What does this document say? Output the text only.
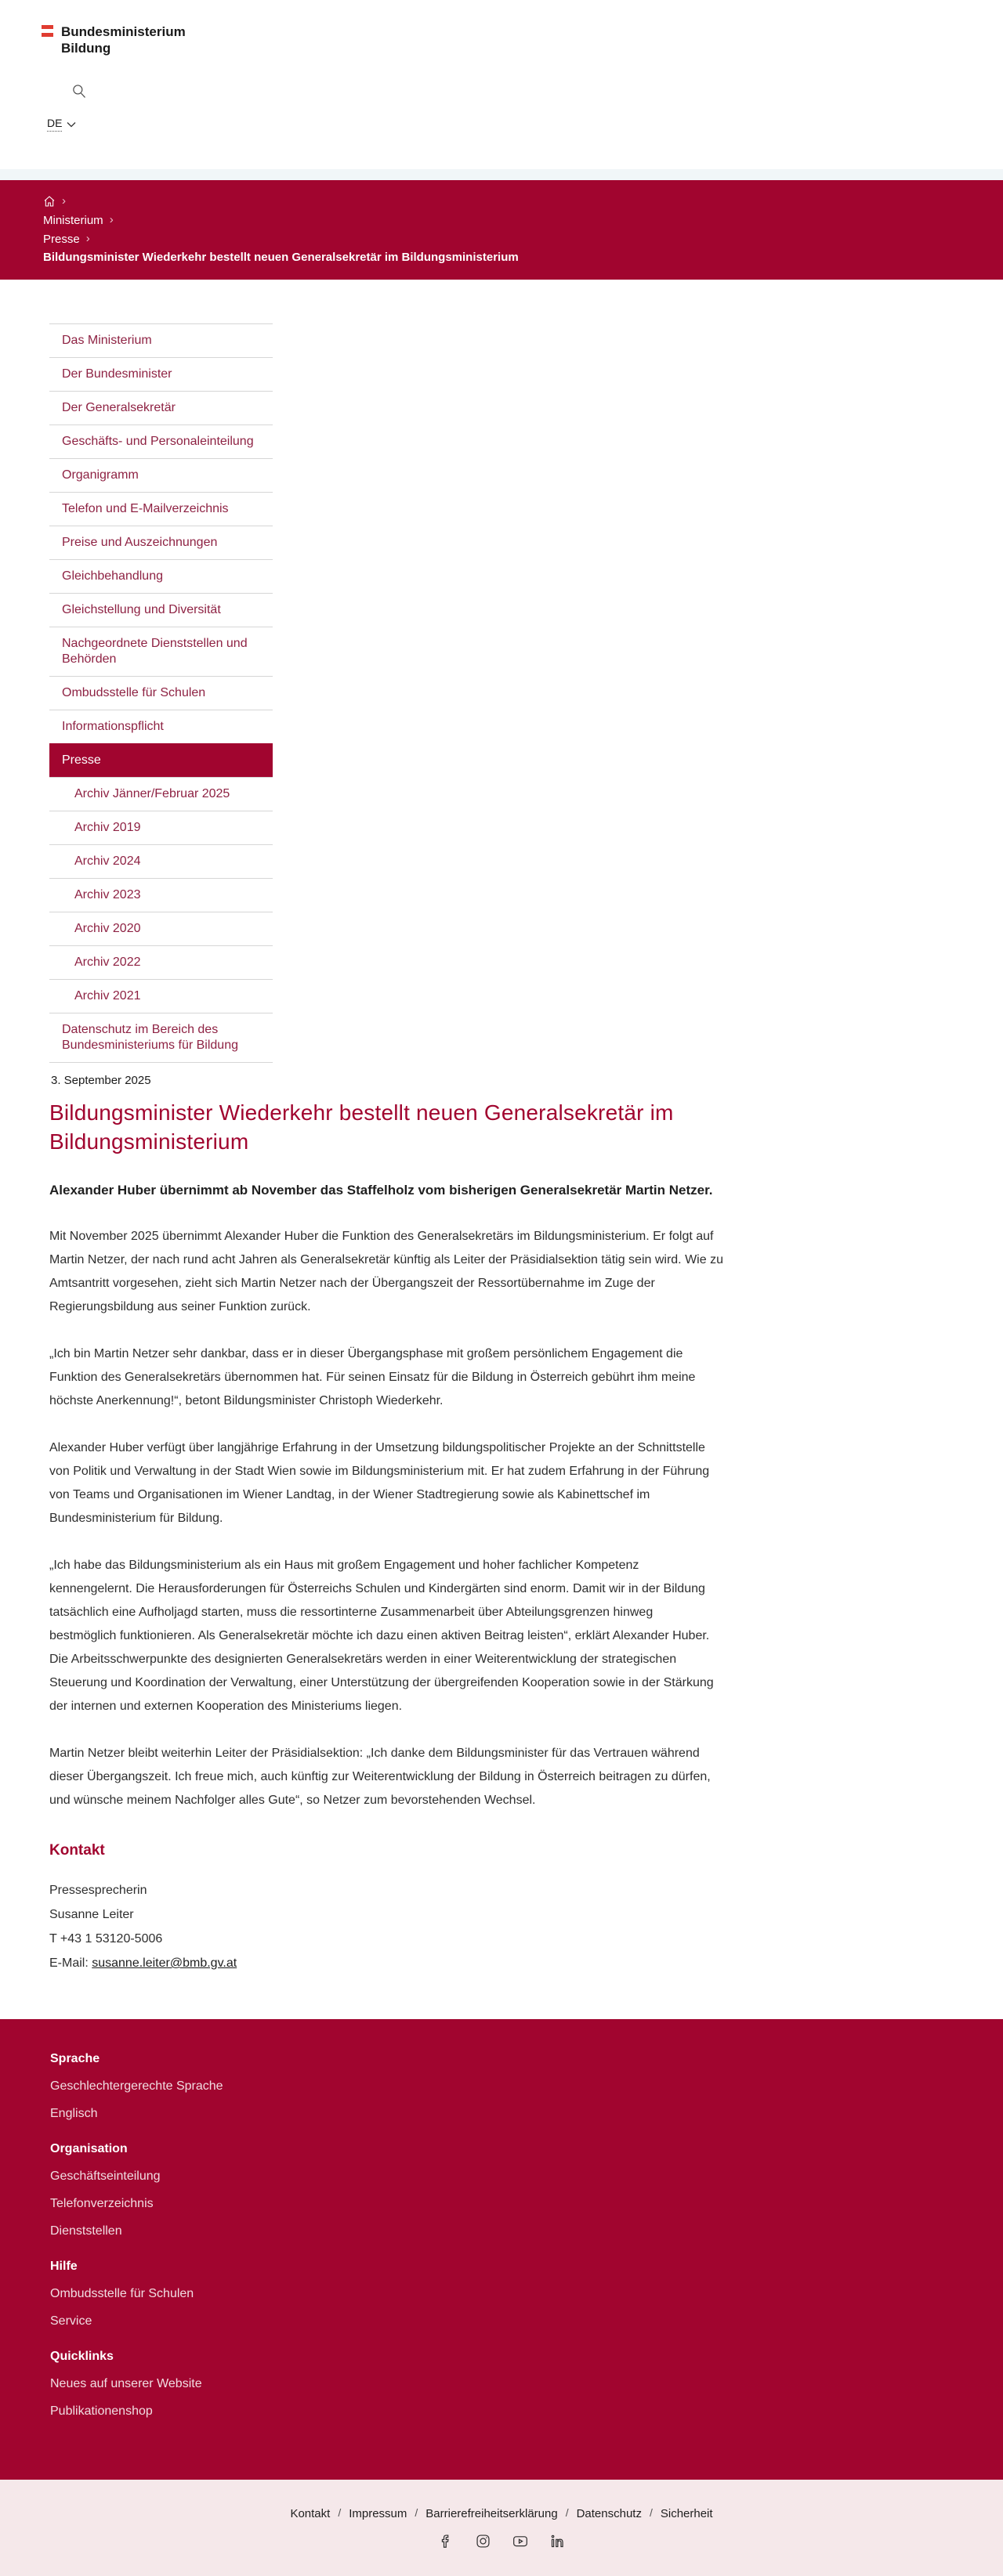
Bundesministerium
Bildung
DE
›
Ministerium
›
Presse
›
Bildungsminister Wiederkehr bestellt neuen Generalsekretär im Bildungsministerium
Das Ministerium
Der Bundesminister
Der Generalsekretär
Geschäfts- und Personaleinteilung
Organigramm
Telefon und E-Mailverzeichnis
Preise und Auszeichnungen
Gleichbehandlung
Gleichstellung und Diversität
Nachgeordnete Dienststellen und Behörden
Ombudsstelle für Schulen
Informationspflicht
Presse
Archiv Jänner/Februar 2025
Archiv 2019
Archiv 2024
Archiv 2023
Archiv 2020
Archiv 2022
Archiv 2021
Datenschutz im Bereich des Bundesministeriums für Bildung

3. September 2025

Bildungsminister Wiederkehr bestellt neuen Generalsekretär im Bildungsministerium

Alexander Huber übernimmt ab November das Staffelholz vom bisherigen Generalsekretär Martin Netzer.

Mit November 2025 übernimmt Alexander Huber die Funktion des Generalsekretärs im Bildungsministerium. Er folgt auf Martin Netzer, der nach rund acht Jahren als Generalsekretär künftig als Leiter der Präsidialsektion tätig sein wird. Wie zu Amtsantritt vorgesehen, zieht sich Martin Netzer nach der Übergangszeit der Ressortübernahme im Zuge der Regierungsbildung aus seiner Funktion zurück.

„Ich bin Martin Netzer sehr dankbar, dass er in dieser Übergangsphase mit großem persönlichem Engagement die Funktion des Generalsekretärs übernommen hat. Für seinen Einsatz für die Bildung in Österreich gebührt ihm meine höchste Anerkennung!“, betont Bildungsminister Christoph Wiederkehr.

Alexander Huber verfügt über langjährige Erfahrung in der Umsetzung bildungspolitischer Projekte an der Schnittstelle von Politik und Verwaltung in der Stadt Wien sowie im Bildungsministerium mit. Er hat zudem Erfahrung in der Führung von Teams und Organisationen im Wiener Landtag, in der Wiener Stadtregierung sowie als Kabinettschef im Bundesministerium für Bildung.

„Ich habe das Bildungsministerium als ein Haus mit großem Engagement und hoher fachlicher Kompetenz kennengelernt. Die Herausforderungen für Österreichs Schulen und Kindergärten sind enorm. Damit wir in der Bildung tatsächlich eine Aufholjagd starten, muss die ressortinterne Zusammenarbeit über Abteilungsgrenzen hinweg bestmöglich funktionieren. Als Generalsekretär möchte ich dazu einen aktiven Beitrag leisten“, erklärt Alexander Huber. Die Arbeitsschwerpunkte des designierten Generalsekretärs werden in einer Weiterentwicklung der strategischen Steuerung und Koordination der Verwaltung, einer Unterstützung der übergreifenden Kooperation sowie in der Stärkung der internen und externen Kooperation des Ministeriums liegen.

Martin Netzer bleibt weiterhin Leiter der Präsidialsektion: „Ich danke dem Bildungsminister für das Vertrauen während dieser Übergangszeit. Ich freue mich, auch künftig zur Weiterentwicklung der Bildung in Österreich beitragen zu dürfen, und wünsche meinem Nachfolger alles Gute“, so Netzer zum bevorstehenden Wechsel.

Kontakt

Pressesprecherin
Susanne Leiter
T +43 1 53120-5006
E-Mail: susanne.leiter@bmb.gv.at

Sprache
Geschlechtergerechte Sprache
Englisch
Organisation
Geschäftseinteilung
Telefonverzeichnis
Dienststellen
Hilfe
Ombudsstelle für Schulen
Service
Quicklinks
Neues auf unserer Website
Publikationenshop
Kontakt / Impressum / Barrierefreiheitserklärung / Datenschutz / Sicherheit
